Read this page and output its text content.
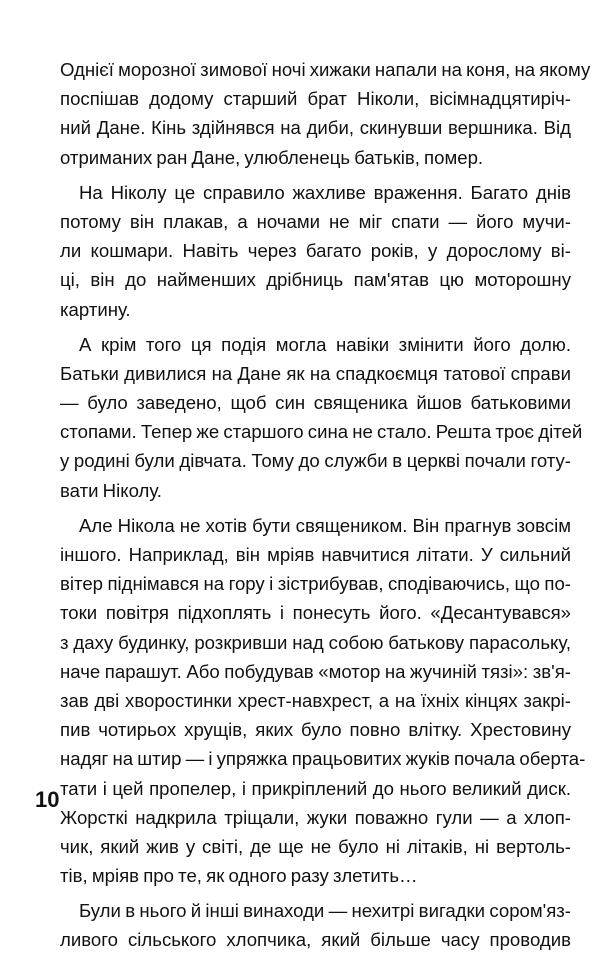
Однієї морозної зимової ночі хижаки напали на коня, на якому
поспішав додому старший брат Ніколи, вісімнадцятиріч-
ний Дане. Кінь здійнявся на диби, скинувши вершника. Від
отриманих ран Дане, улюбленець батьків, помер.
На Ніколу це справило жахливе враження. Багато днів
потому він плакав, а ночами не міг спати — його мучи-
ли кошмари. Навіть через багато років, у дорослому ві-
ці, він до найменших дрібниць пам'ятав цю моторошну
картину.
А крім того ця подія могла навіки змінити його долю.
Батьки дивилися на Дане як на спадкоємця татової справи
— було заведено, щоб син священика йшов батьковими
стопами. Тепер же старшого сина не стало. Решта троє дітей
у родині були дівчата. Тому до служби в церкві почали готу-
вати Ніколу.
Але Нікола не хотів бути священиком. Він прагнув зовсім
іншого. Наприклад, він мріяв навчитися літати. У сильний
вітер піднімався на гору і зістрибував, сподіваючись, що по-
токи повітря підхоплять і понесуть його. «Десантувався»
з даху будинку, розкривши над собою батькову парасольку,
наче парашут. Або побудував «мотор на жучиній тязі»: зв'я-
зав дві хворостинки хрест-навхрест, а на їхніх кінцях закрі-
пив чотирьох хрущів, яких було повно влітку. Хрестовину
надяг на штир — і упряжка працьовитих жуків почала оберта-
тати і цей пропелер, і прикріплений до нього великий диск.
Жорсткі надкрила тріщали, жуки поважно гули — а хлоп-
чик, який жив у світі, де ще не було ні літаків, ні вертоль-
тів, мріяв про те, як одного разу злетить…
Були в нього й інші винаходи — нехитрі вигадки сором'яз-
ливого сільського хлопчика, який більше часу проводив
10
